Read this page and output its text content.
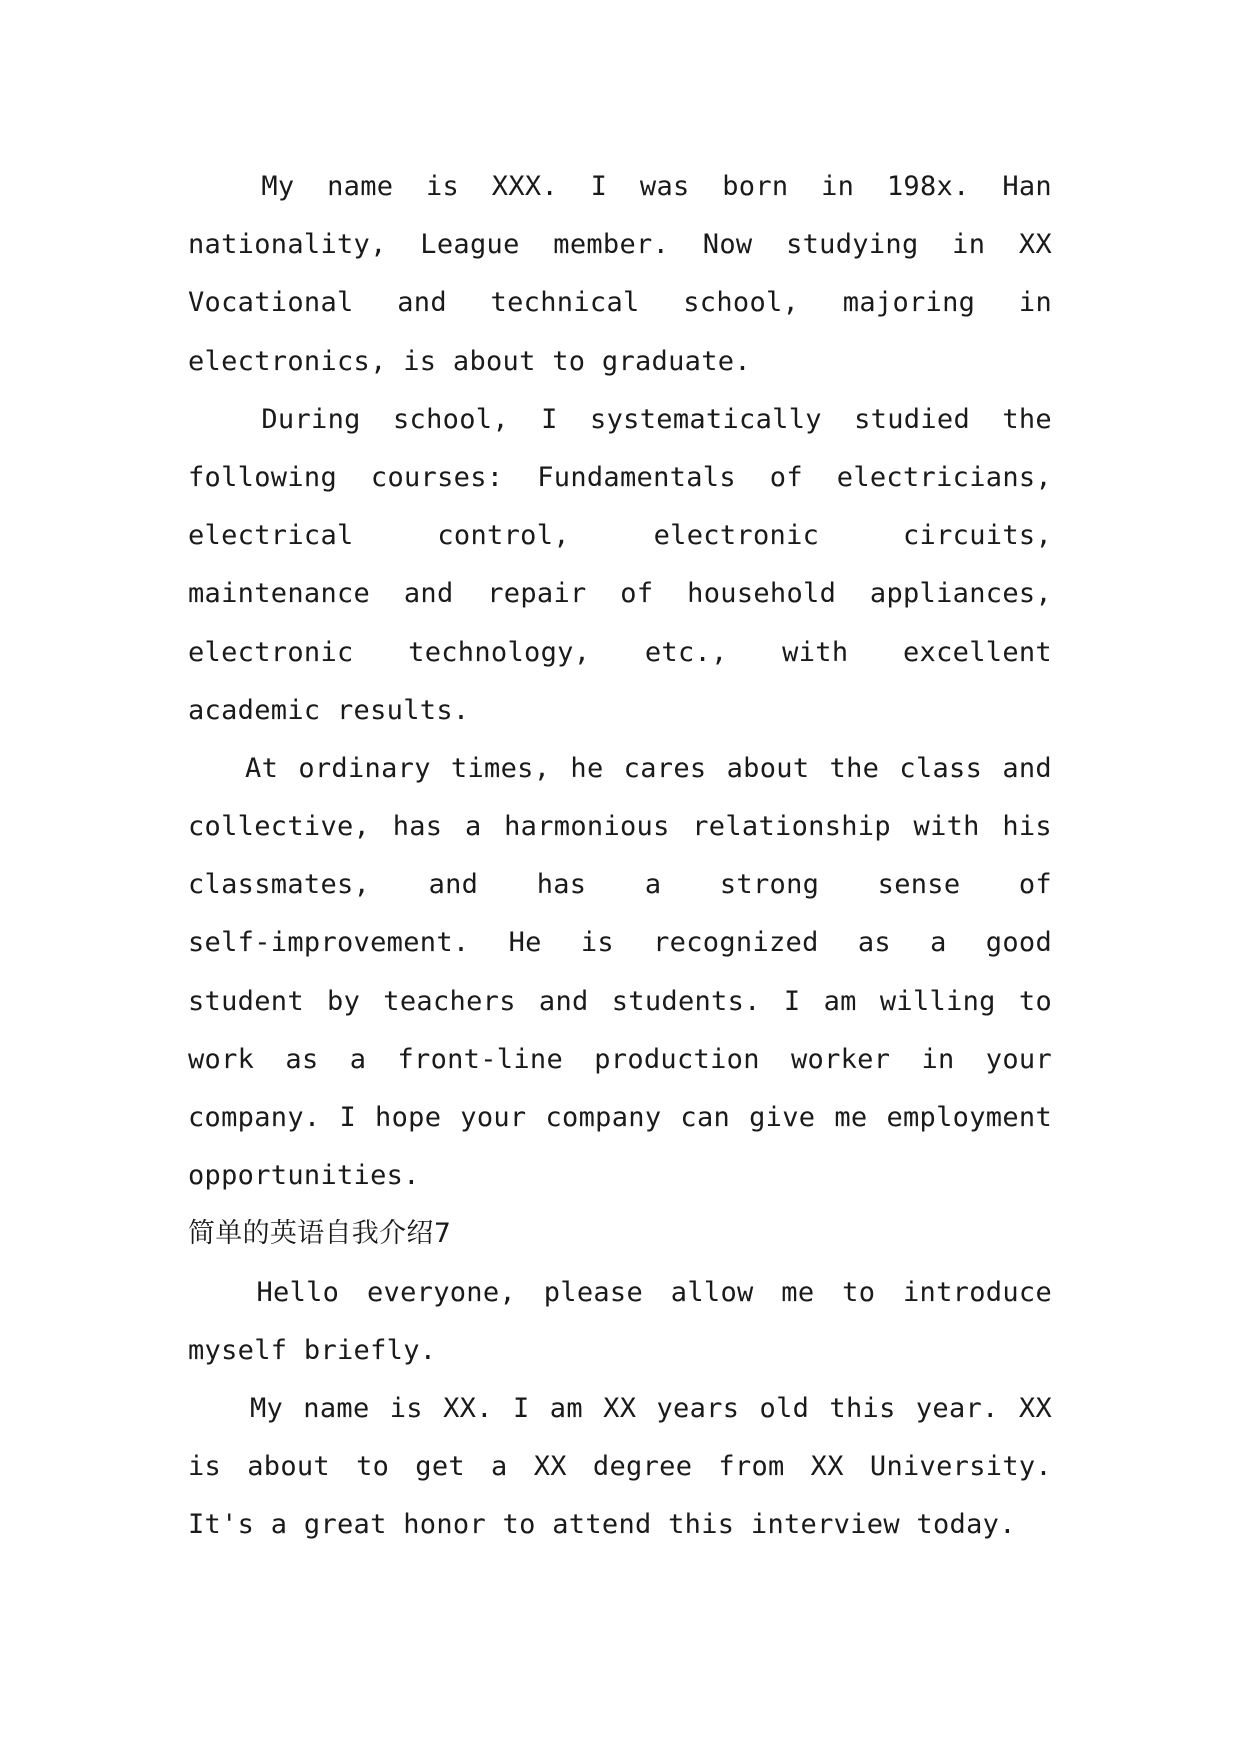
My name is XXX. I was born in 198x. Han
nationality, League member. Now studying in XX
Vocational and technical school, majoring in
electronics, is about to graduate.
During school, I systematically studied the
following courses: Fundamentals of electricians,
electrical control, electronic circuits,
maintenance and repair of household appliances,
electronic technology, etc., with excellent
academic results.
At ordinary times, he cares about the class and
collective, has a harmonious relationship with his
classmates, and has a strong sense of
self-improvement. He is recognized as a good
student by teachers and students. I am willing to
work as a front-line production worker in your
company. I hope your company can give me employment
opportunities.
简单的英语自我介绍7
Hello everyone, please allow me to introduce
myself briefly.
My name is XX. I am XX years old this year. XX
is about to get a XX degree from XX University.
It's a great honor to attend this interview today.
